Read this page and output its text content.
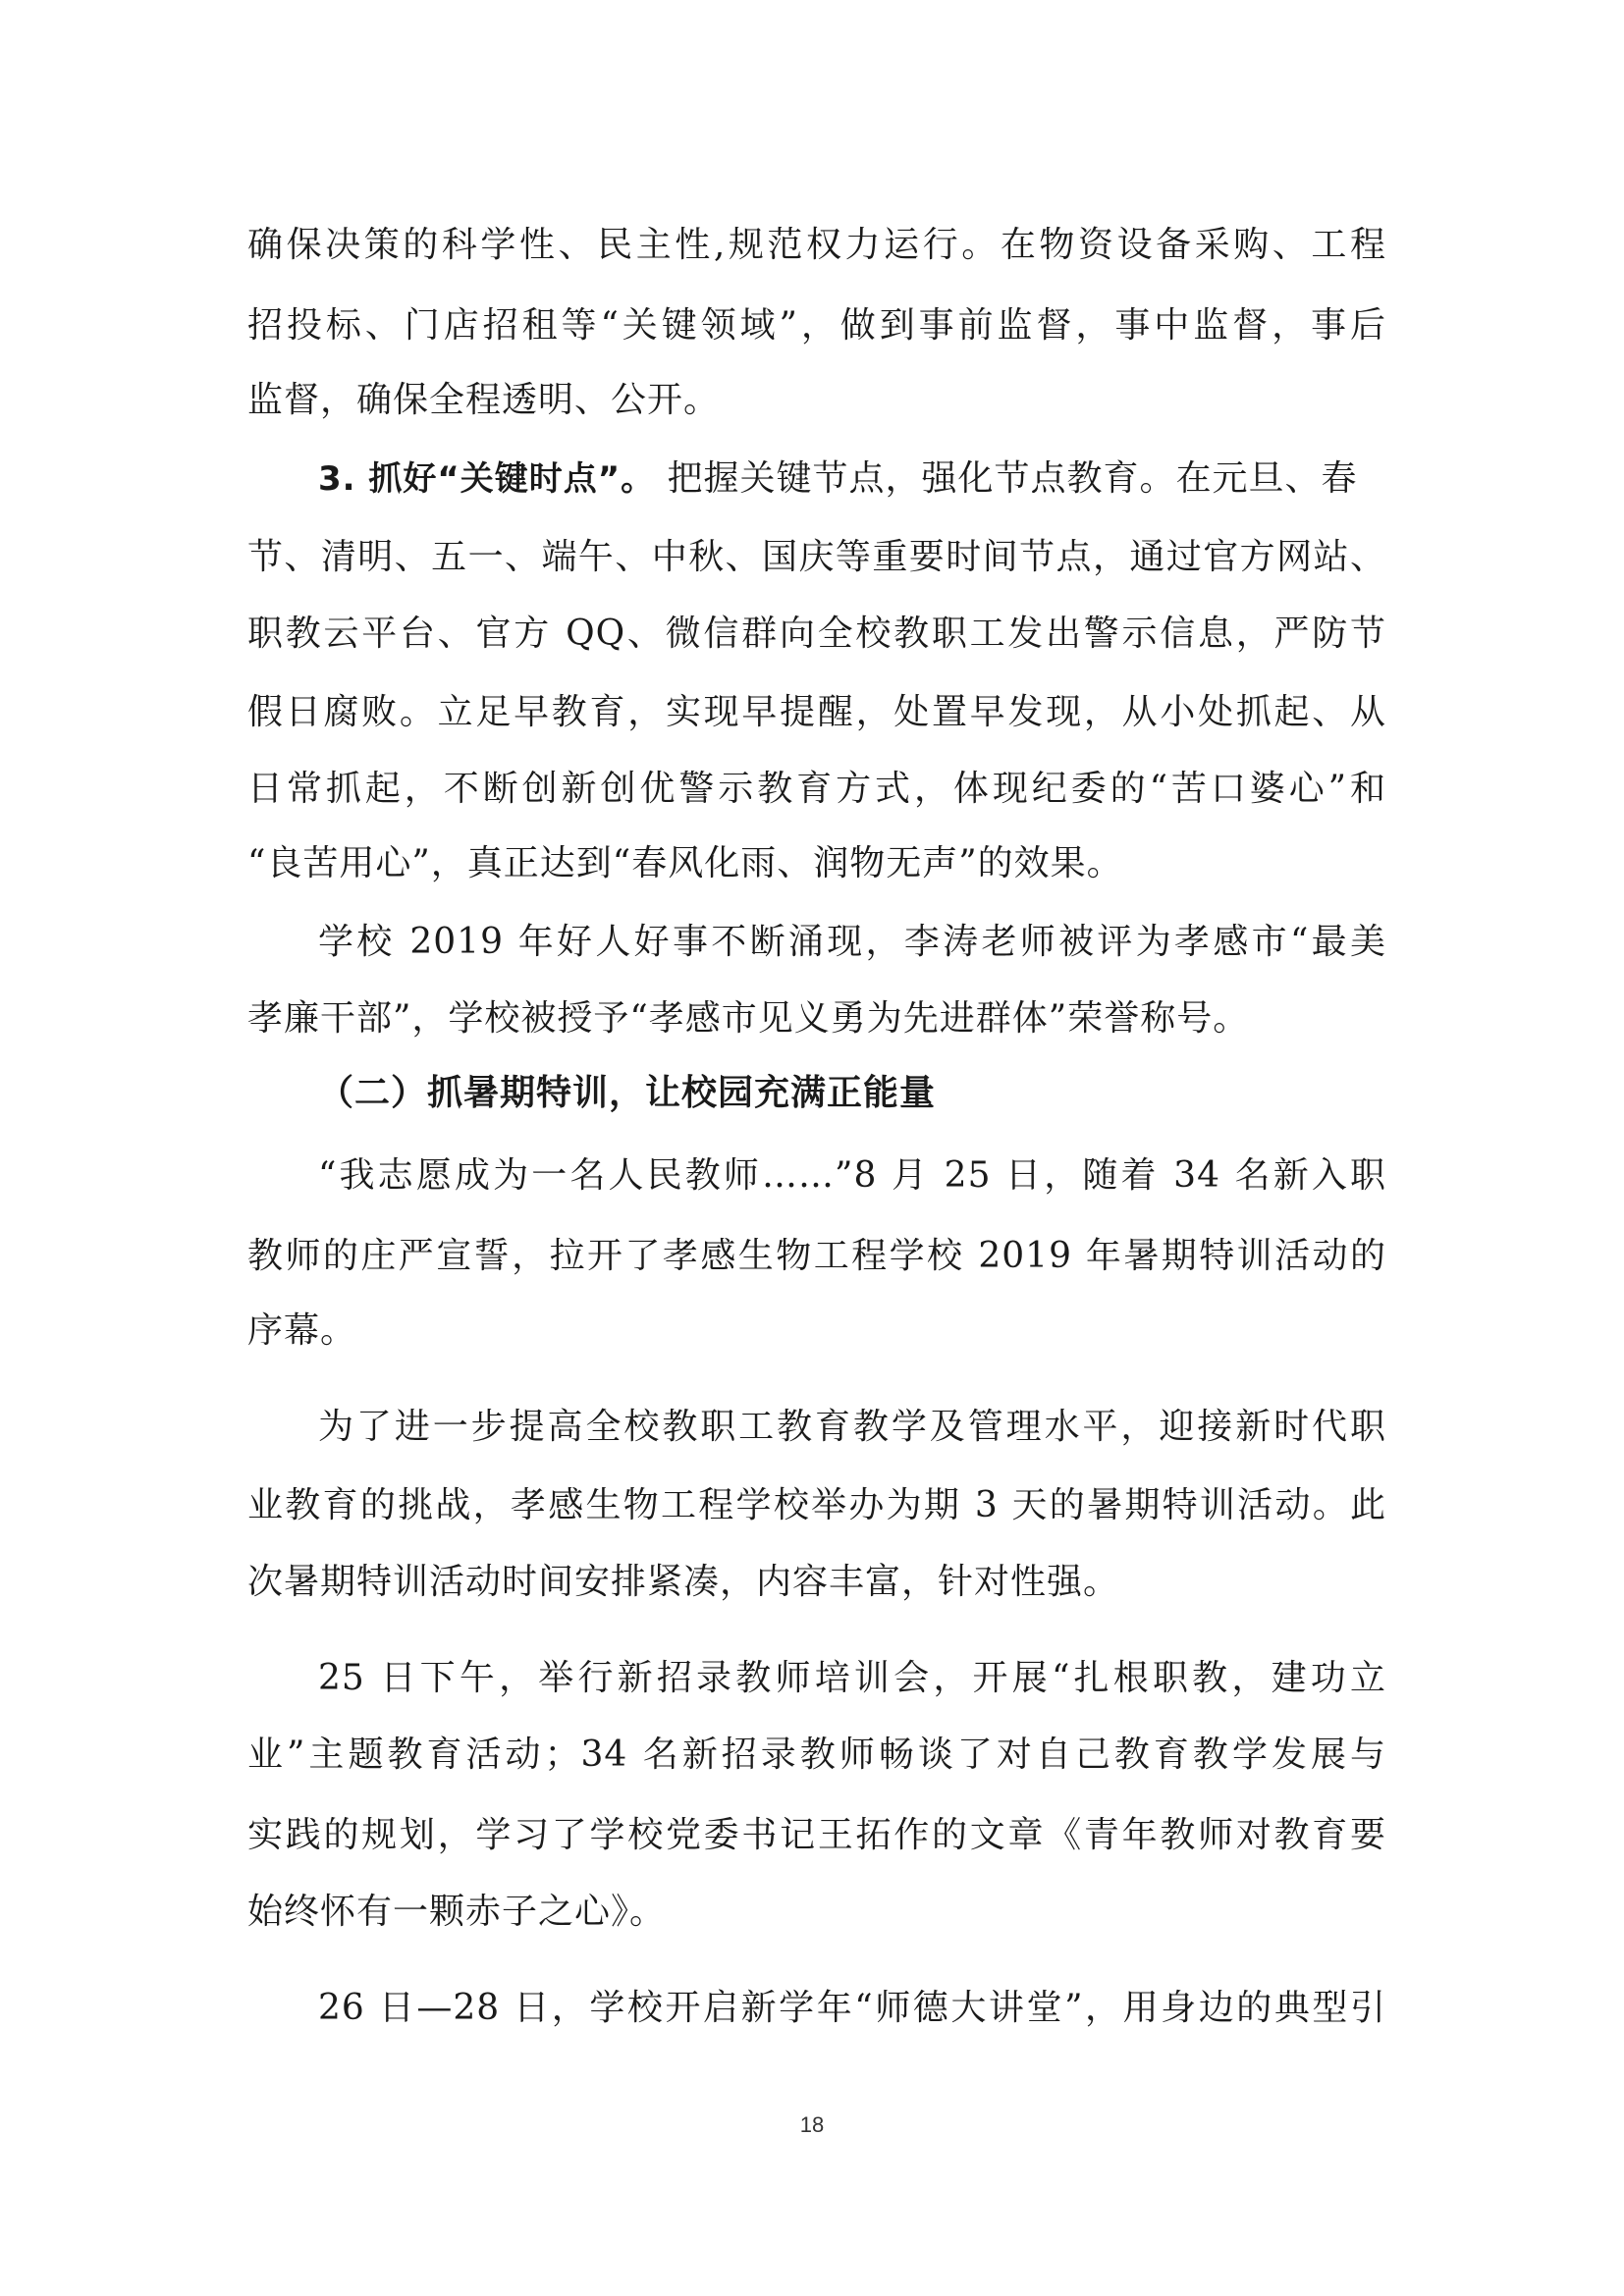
确保决策的科学性、民主性,规范权力运行。在物资设备采购、工程
招投标、门店招租等“关键领域”，做到事前监督，事中监督，事后
监督，确保全程透明、公开。
3. 抓好“关键时点”。 把握关键节点，强化节点教育。在元旦、春
节、清明、五一、端午、中秋、国庆等重要时间节点，通过官方网站、
职教云平台、官方 QQ、微信群向全校教职工发出警示信息，严防节
假日腐败。立足早教育，实现早提醒，处置早发现，从小处抓起、从
日常抓起，不断创新创优警示教育方式，体现纪委的“苦口婆心”和
“良苦用心”，真正达到“春风化雨、润物无声”的效果。
学校 2019 年好人好事不断涌现，李涛老师被评为孝感市“最美
孝廉干部”，学校被授予“孝感市见义勇为先进群体”荣誉称号。
（二）抓暑期特训，让校园充满正能量
“我志愿成为一名人民教师……”8 月 25 日，随着 34 名新入职
教师的庄严宣誓，拉开了孝感生物工程学校 2019 年暑期特训活动的
序幕。
为了进一步提高全校教职工教育教学及管理水平，迎接新时代职
业教育的挑战，孝感生物工程学校举办为期 3 天的暑期特训活动。此
次暑期特训活动时间安排紧凑，内容丰富，针对性强。
25 日下午，举行新招录教师培训会，开展“扎根职教，建功立
业”主题教育活动；34 名新招录教师畅谈了对自己教育教学发展与
实践的规划，学习了学校党委书记王拓作的文章《青年教师对教育要
始终怀有一颗赤子之心》。
26 日—28 日，学校开启新学年“师德大讲堂”，用身边的典型引
18
